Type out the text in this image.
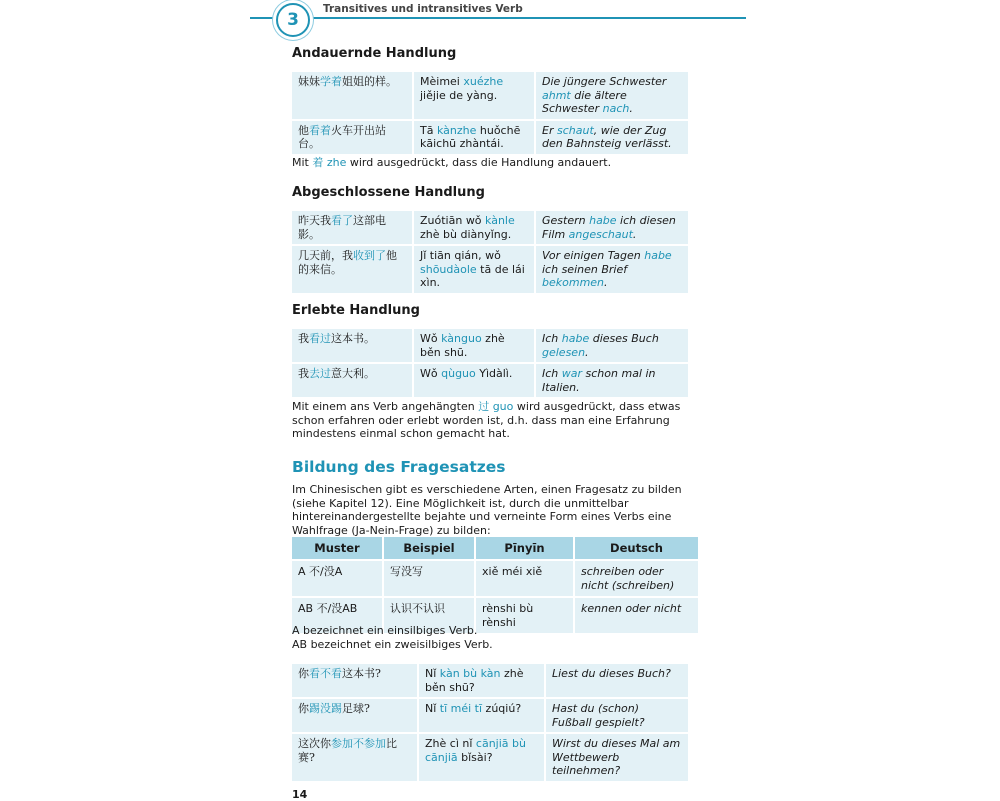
3
Transitives und intransitives Verb
Andauernde Handlung
妹妹学着姐姐的样。	Mèimei xuézhe jiějie de yàng.	Die jüngere Schwester ahmt die ältere Schwester nach.
他看着火车开出站台。	Tā kànzhe huǒchē kāichū zhàntái.	Er schaut, wie der Zug den Bahnsteig verlässt.
Mit 着 zhe wird ausgedrückt, dass die Handlung andauert.
Abgeschlossene Handlung
昨天我看了这部电影。	Zuótiān wǒ kànle zhè bù diànyǐng.	Gestern habe ich diesen Film angeschaut.
几天前，我收到了他的来信。	Jǐ tiān qián, wǒ shōudàole tā de lái xìn.	Vor einigen Tagen habe ich seinen Brief bekommen.
Erlebte Handlung
我看过这本书。	Wǒ kànguo zhè běn shū.	Ich habe dieses Buch gelesen.
我去过意大利。	Wǒ qùguo Yìdàlì.	Ich war schon mal in Italien.
Mit einem ans Verb angehängten 过 guo wird ausgedrückt, dass etwas schon erfahren oder erlebt worden ist, d.h. dass man eine Erfahrung mindestens einmal schon gemacht hat.
Bildung des Fragesatzes
Im Chinesischen gibt es verschiedene Arten, einen Fragesatz zu bilden (siehe Kapitel 12). Eine Möglichkeit ist, durch die unmittelbar hintereinandergestellte bejahte und verneinte Form eines Verbs eine Wahlfrage (Ja-Nein-Frage) zu bilden:
Muster	Beispiel	Pīnyīn	Deutsch
A 不/没A	写没写	xiě méi xiě	schreiben oder nicht (schreiben)
AB 不/没AB	认识不认识	rènshi bù rènshi	kennen oder nicht
A bezeichnet ein einsilbiges Verb.
AB bezeichnet ein zweisilbiges Verb.
你看不看这本书?	Nǐ kàn bù kàn zhè běn shū?	Liest du dieses Buch?
你踢没踢足球?	Nǐ tī méi tī zúqiú?	Hast du (schon) Fußball gespielt?
这次你参加不参加比赛?	Zhè cì nǐ cānjiā bù cānjiā bǐsài?	Wirst du dieses Mal am Wettbewerb teilnehmen?
14
